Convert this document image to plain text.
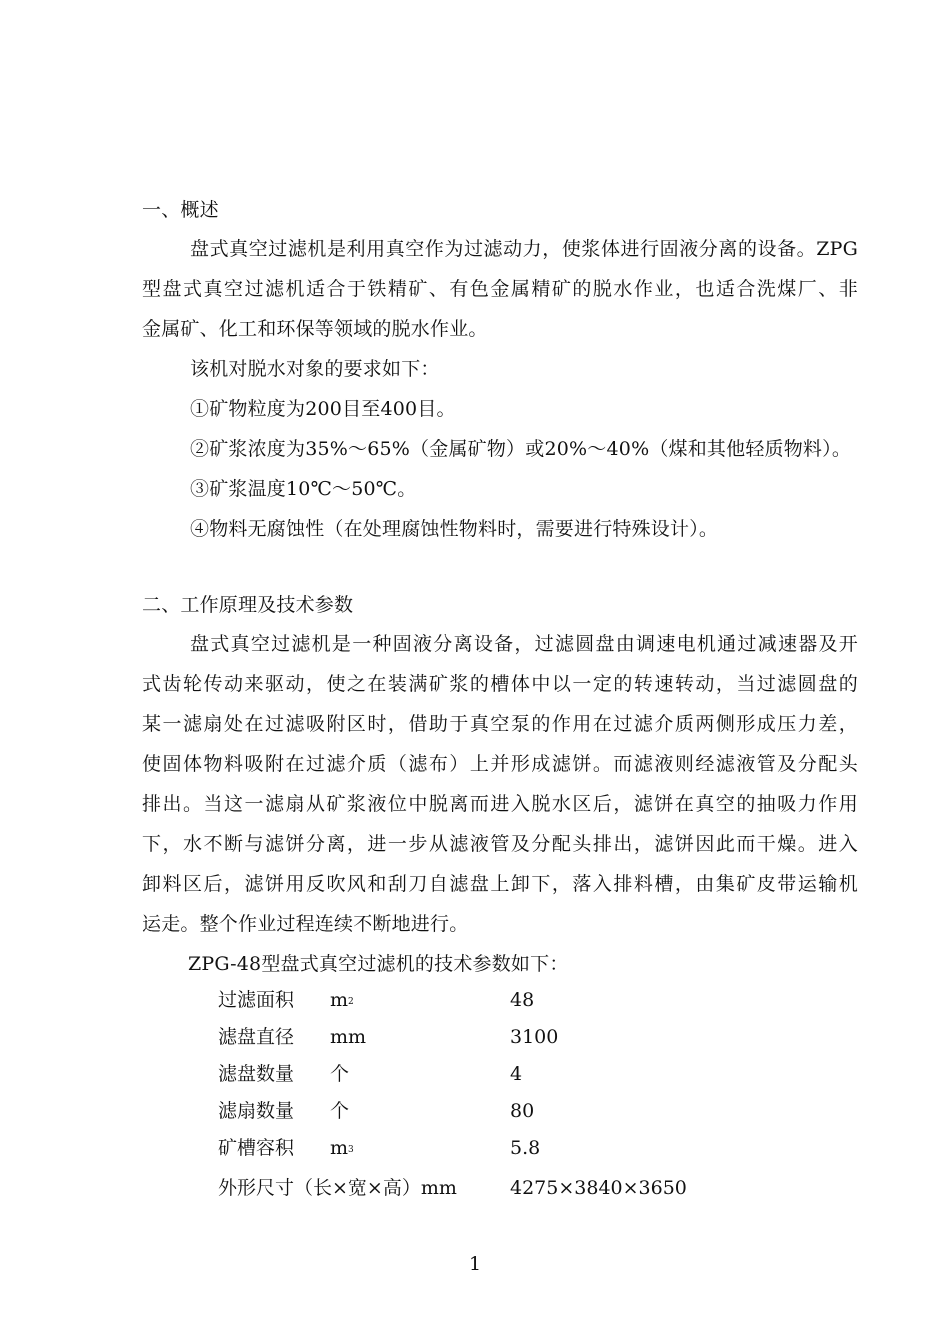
一、概述
盘式真空过滤机是利用真空作为过滤动力，使浆体进行固液分离的设备。ZPG
型盘式真空过滤机适合于铁精矿、有色金属精矿的脱水作业，也适合洗煤厂、非
金属矿、化工和环保等领域的脱水作业。
该机对脱水对象的要求如下：
①矿物粒度为200目至400目。
②矿浆浓度为35%～65%（金属矿物）或20%～40%（煤和其他轻质物料）。
③矿浆温度10℃～50℃。
④物料无腐蚀性（在处理腐蚀性物料时，需要进行特殊设计）。
二、工作原理及技术参数
盘式真空过滤机是一种固液分离设备，过滤圆盘由调速电机通过减速器及开
式齿轮传动来驱动，使之在装满矿浆的槽体中以一定的转速转动，当过滤圆盘的
某一滤扇处在过滤吸附区时，借助于真空泵的作用在过滤介质两侧形成压力差，
使固体物料吸附在过滤介质（滤布）上并形成滤饼。而滤液则经滤液管及分配头
排出。当这一滤扇从矿浆液位中脱离而进入脱水区后，滤饼在真空的抽吸力作用
下，水不断与滤饼分离，进一步从滤液管及分配头排出，滤饼因此而干燥。进入
卸料区后，滤饼用反吹风和刮刀自滤盘上卸下，落入排料槽，由集矿皮带运输机
运走。整个作业过程连续不断地进行。
ZPG-48型盘式真空过滤机的技术参数如下：
过滤面积 $m^2$	48
滤盘直径 mm	3100
滤盘数量 个	4
滤扇数量 个	80
矿槽容积 $m^3$	5.8
外形尺寸（长×宽×高）mm	4275×3840×3650
1
